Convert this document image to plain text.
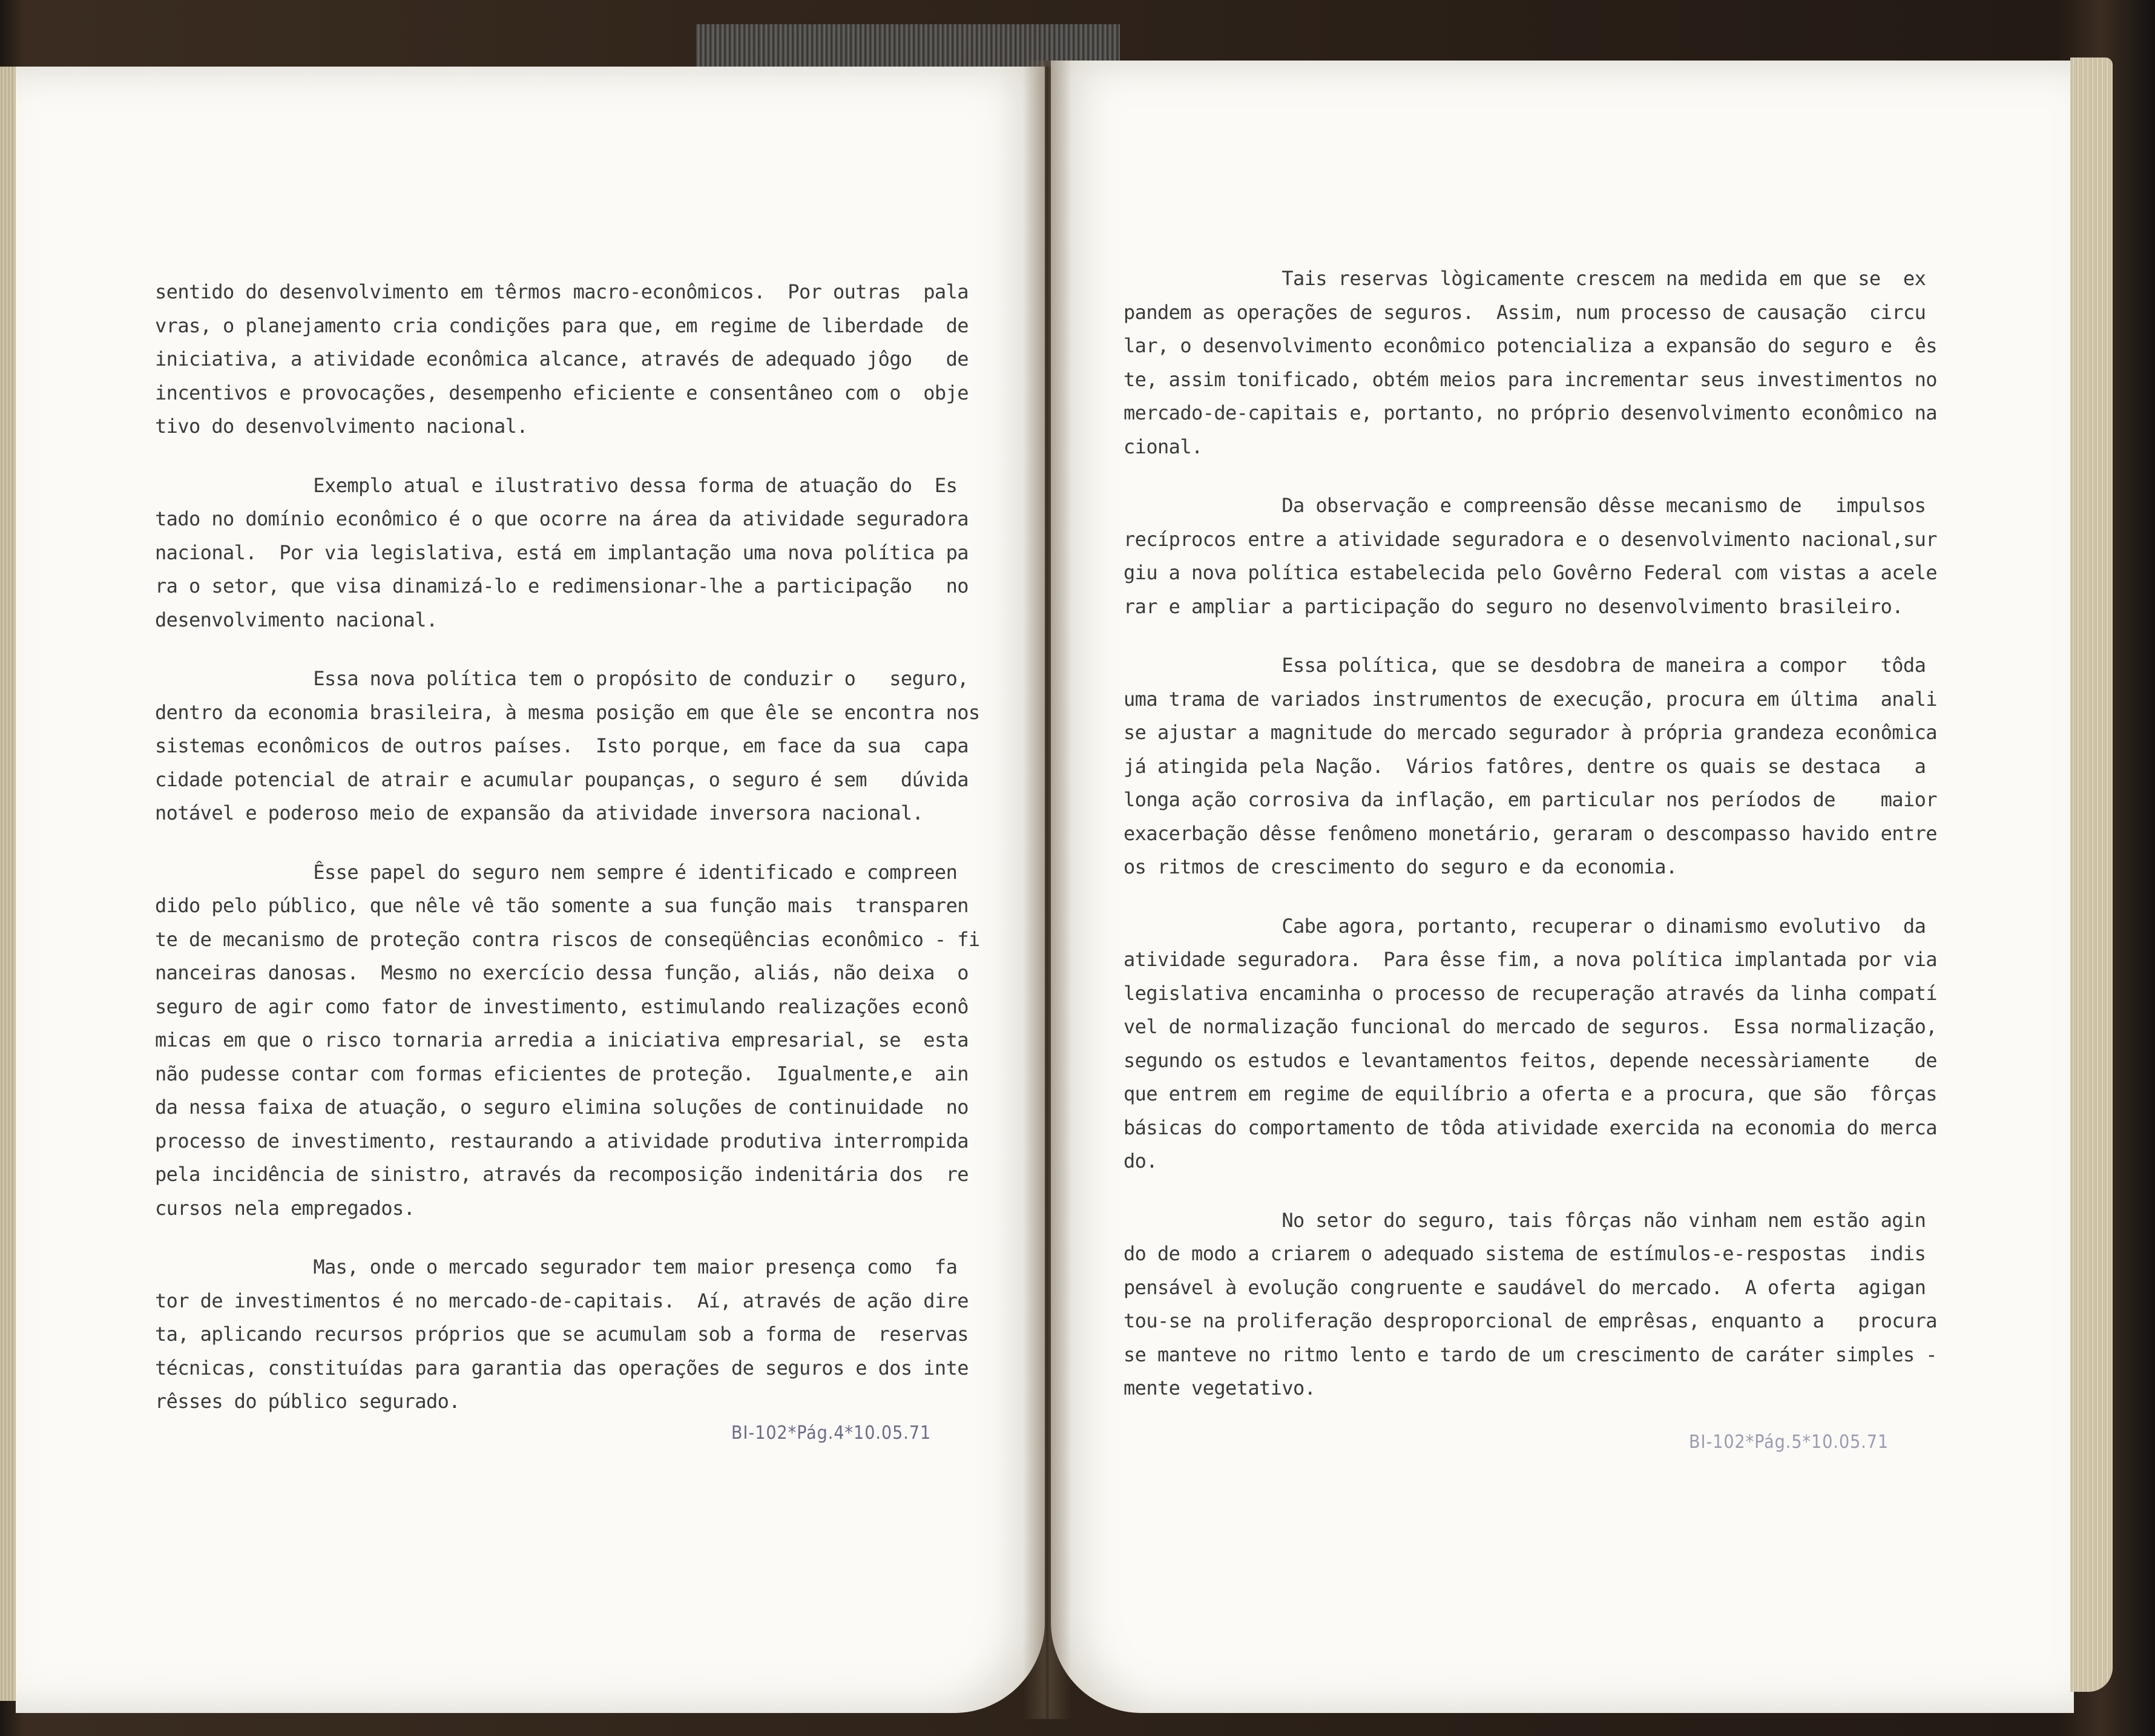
sentido do desenvolvimento em têrmos macro-econômicos.  Por outras  pala
vras, o planejamento cria condições para que, em regime de liberdade  de
iniciativa, a atividade econômica alcance, através de adequado jôgo   de
incentivos e provocações, desempenho eficiente e consentâneo com o  obje
tivo do desenvolvimento nacional.
Exemplo atual e ilustrativo dessa forma de atuação do  Es
tado no domínio econômico é o que ocorre na área da atividade seguradora
nacional.  Por via legislativa, está em implantação uma nova política pa
ra o setor, que visa dinamizá-lo e redimensionar-lhe a participação   no
desenvolvimento nacional.
Essa nova política tem o propósito de conduzir o   seguro,
dentro da economia brasileira, à mesma posição em que êle se encontra nos
sistemas econômicos de outros países.  Isto porque, em face da sua  capa
cidade potencial de atrair e acumular poupanças, o seguro é sem   dúvida
notável e poderoso meio de expansão da atividade inversora nacional.
Êsse papel do seguro nem sempre é identificado e compreen
dido pelo público, que nêle vê tão somente a sua função mais  transparen
te de mecanismo de proteção contra riscos de conseqüências econômico - fi
nanceiras danosas.  Mesmo no exercício dessa função, aliás, não deixa  o
seguro de agir como fator de investimento, estimulando realizações econô
micas em que o risco tornaria arredia a iniciativa empresarial, se  esta
não pudesse contar com formas eficientes de proteção.  Igualmente,e  ain
da nessa faixa de atuação, o seguro elimina soluções de continuidade  no
processo de investimento, restaurando a atividade produtiva interrompida
pela incidência de sinistro, através da recomposição indenitária dos  re
cursos nela empregados.
Mas, onde o mercado segurador tem maior presença como  fa
tor de investimentos é no mercado-de-capitais.  Aí, através de ação dire
ta, aplicando recursos próprios que se acumulam sob a forma de  reservas
técnicas, constituídas para garantia das operações de seguros e dos inte
rêsses do público segurado.
Tais reservas lògicamente crescem na medida em que se  ex
pandem as operações de seguros.  Assim, num processo de causação  circu
lar, o desenvolvimento econômico potencializa a expansão do seguro e  ês
te, assim tonificado, obtém meios para incrementar seus investimentos no
mercado-de-capitais e, portanto, no próprio desenvolvimento econômico na
cional.
Da observação e compreensão dêsse mecanismo de   impulsos
recíprocos entre a atividade seguradora e o desenvolvimento nacional,sur
giu a nova política estabelecida pelo Govêrno Federal com vistas a acele
rar e ampliar a participação do seguro no desenvolvimento brasileiro.
Essa política, que se desdobra de maneira a compor   tôda
uma trama de variados instrumentos de execução, procura em última  anali
se ajustar a magnitude do mercado segurador à própria grandeza econômica
já atingida pela Nação.  Vários fatôres, dentre os quais se destaca   a
longa ação corrosiva da inflação, em particular nos períodos de    maior
exacerbação dêsse fenômeno monetário, geraram o descompasso havido entre
os ritmos de crescimento do seguro e da economia.
Cabe agora, portanto, recuperar o dinamismo evolutivo  da
atividade seguradora.  Para êsse fim, a nova política implantada por via
legislativa encaminha o processo de recuperação através da linha compatí
vel de normalização funcional do mercado de seguros.  Essa normalização,
segundo os estudos e levantamentos feitos, depende necessàriamente    de
que entrem em regime de equilíbrio a oferta e a procura, que são  fôrças
básicas do comportamento de tôda atividade exercida na economia do merca
do.
No setor do seguro, tais fôrças não vinham nem estão agin
do de modo a criarem o adequado sistema de estímulos-e-respostas  indis
pensável à evolução congruente e saudável do mercado.  A oferta  agigan
tou-se na proliferação desproporcional de emprêsas, enquanto a   procura
se manteve no ritmo lento e tardo de um crescimento de caráter simples -
mente vegetativo.
BI-102*Pág.4*10.05.71	BI-102*Pág.5*10.05.71
